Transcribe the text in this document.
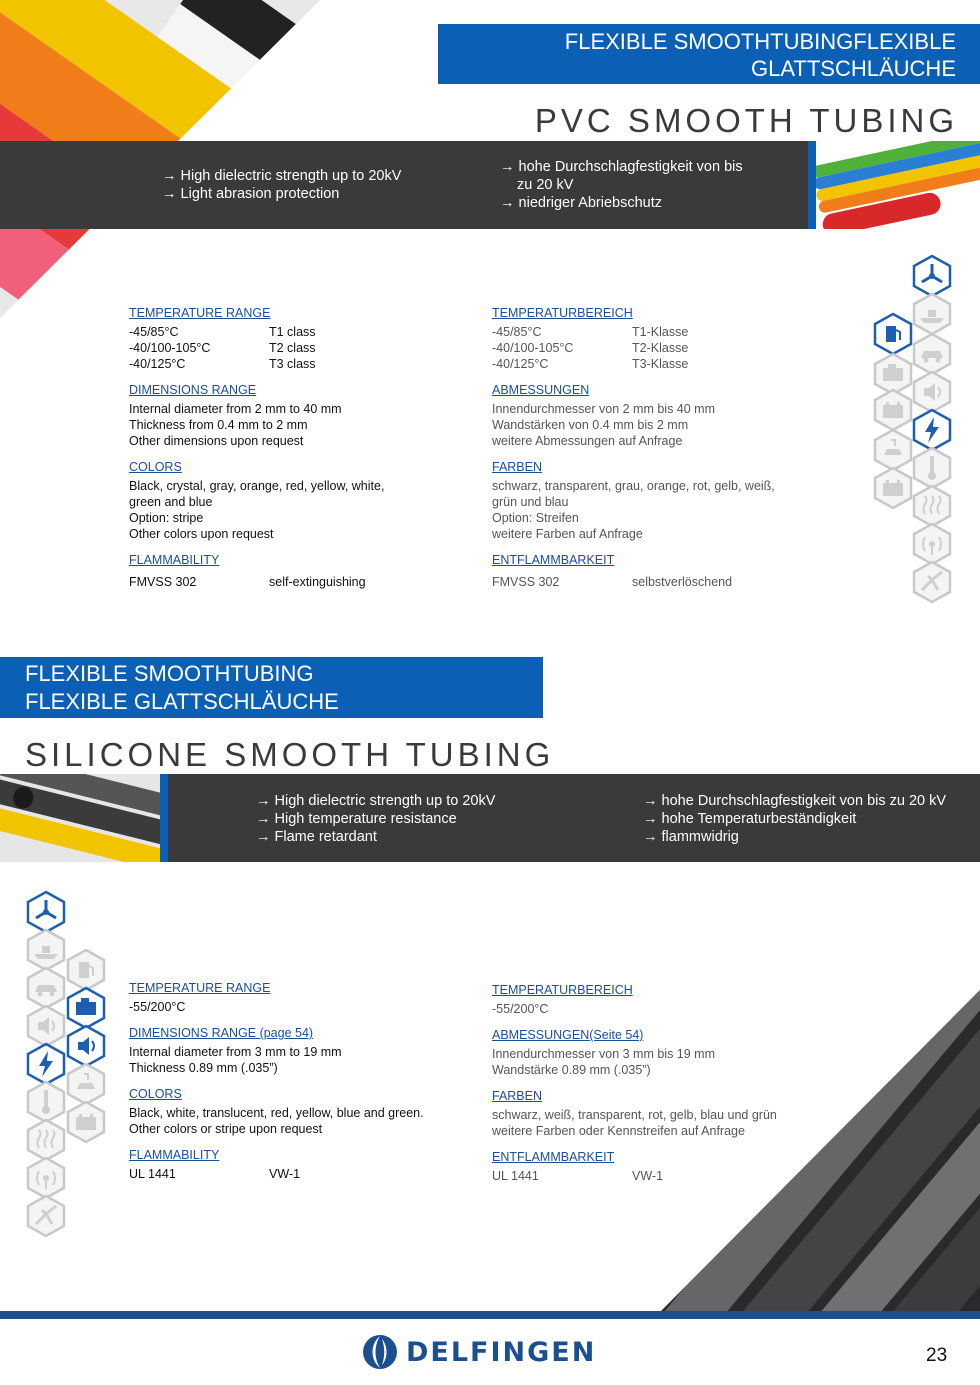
FLEXIBLE SMOOTHTUBINGFLEXIBLE
GLATTSCHLÄUCHE
PVC SMOOTH TUBING
→ High dielectric strength up to 20kV
→ Light abrasion protection
→ hohe Durchschlagfestigkeit von bis
zu 20 kV
→ niedriger Abriebschutz
TEMPERATURE RANGE
-45/85°C	T1 class
-40/100-105°C	T2 class
-40/125°C	T3 class
DIMENSIONS RANGE
Internal diameter from 2 mm to 40 mm
Thickness from 0.4 mm to 2 mm
Other dimensions upon request
COLORS
Black, crystal, gray, orange, red, yellow, white,
green and blue
Option: stripe
Other colors upon request
FLAMMABILITY
FMVSS 302	self-extinguishing
TEMPERATURBEREICH
-45/85°C	T1-Klasse
-40/100-105°C	T2-Klasse
-40/125°C	T3-Klasse
ABMESSUNGEN
Innendurchmesser von 2 mm bis 40 mm
Wandstärken von 0.4 mm bis 2 mm
weitere Abmessungen auf Anfrage
FARBEN
schwarz, transparent, grau, orange, rot, gelb, weiß,
grün und blau
Option: Streifen
weitere Farben auf Anfrage
ENTFLAMMBARKEIT
FMVSS 302	selbstverlöschend
FLEXIBLE SMOOTHTUBING
FLEXIBLE GLATTSCHLÄUCHE
SILICONE SMOOTH TUBING
→ High dielectric strength up to 20kV
→ High temperature resistance
→ Flame retardant
→ hohe Durchschlagfestigkeit von bis zu 20 kV
→ hohe Temperaturbeständigkeit
→ flammwidrig
TEMPERATURE RANGE
-55/200°C
DIMENSIONS RANGE (page 54)
Internal diameter from 3 mm to 19 mm
Thickness 0.89 mm (.035”)
COLORS
Black, white, translucent, red, yellow, blue and green.
Other colors or stripe upon request
FLAMMABILITY
UL 1441	VW-1
TEMPERATURBEREICH
-55/200°C
ABMESSUNGEN(Seite 54)
Innendurchmesser von 3 mm bis 19 mm
Wandstärke 0.89 mm (.035”)
FARBEN
schwarz, weiß, transparent, rot, gelb, blau und grün
weitere Farben oder Kennstreifen auf Anfrage
ENTFLAMMBARKEIT
UL 1441	VW-1
DELFINGEN	23
